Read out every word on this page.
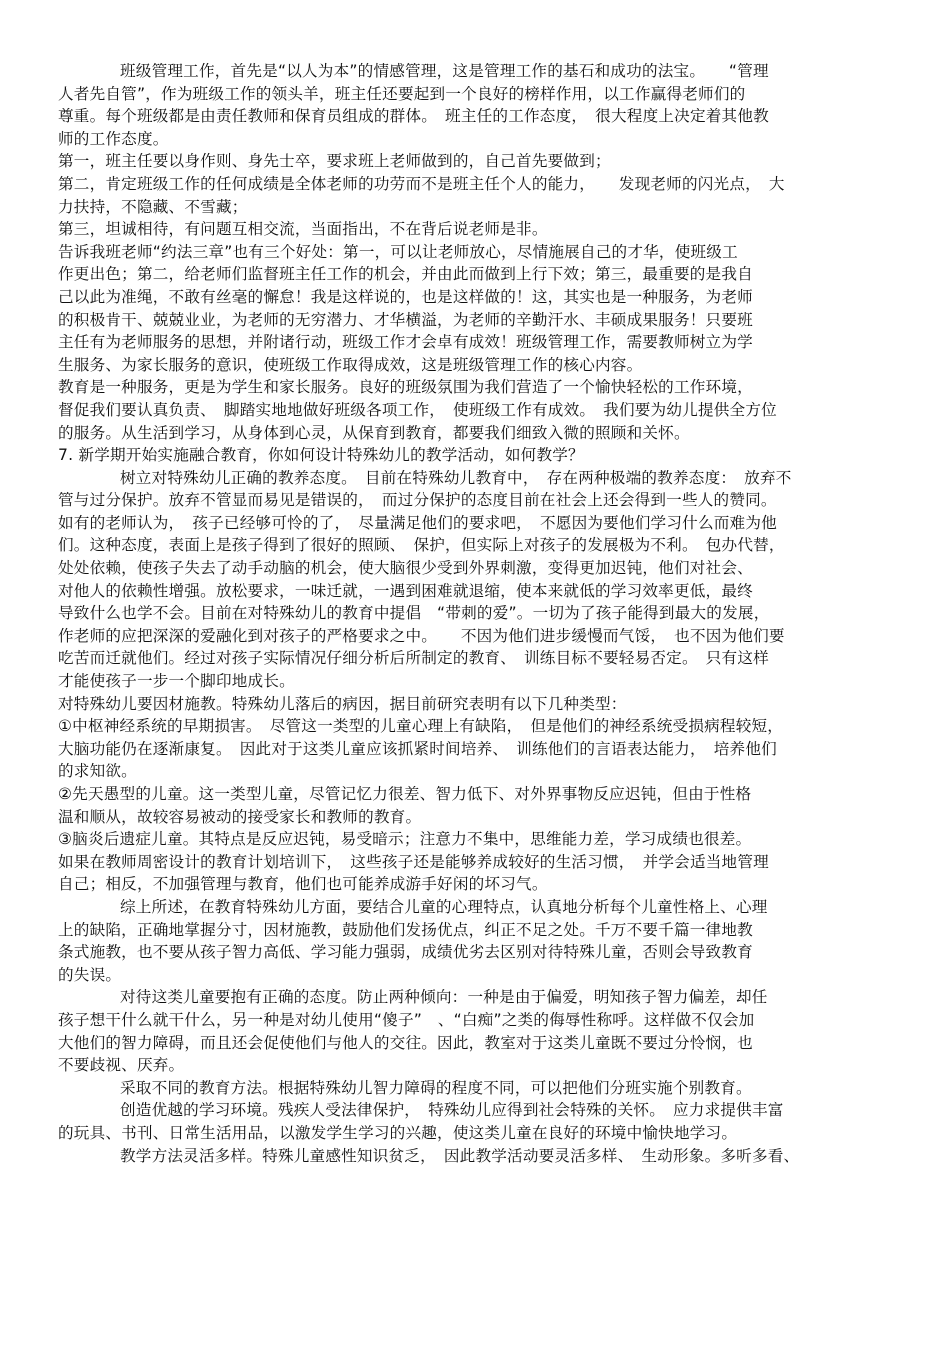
班级管理工作，首先是“以人为本”的情感管理，这是管理工作的基石和成功的法宝。　　“管理
人者先自管”，作为班级工作的领头羊，班主任还要起到一个良好的榜样作用，以工作赢得老师们的
尊重。每个班级都是由责任教师和保育员组成的群体。　班主任的工作态度，　很大程度上决定着其他教
师的工作态度。
第一，班主任要以身作则、身先士卒，要求班上老师做到的，自己首先要做到；
第二，肯定班级工作的任何成绩是全体老师的功劳而不是班主任个人的能力，　　发现老师的闪光点，　大
力扶持，不隐藏、不雪藏；
第三，坦诚相待，有问题互相交流，当面指出，不在背后说老师是非。
告诉我班老师“约法三章”也有三个好处：第一，可以让老师放心，尽情施展自己的才华，使班级工
作更出色；第二，给老师们监督班主任工作的机会，并由此而做到上行下效；第三，最重要的是我自
己以此为准绳，不敢有丝毫的懈怠！我是这样说的，也是这样做的！这，其实也是一种服务，为老师
的积极肯干、兢兢业业，为老师的无穷潜力、才华横溢，为老师的辛勤汗水、丰硕成果服务！只要班
主任有为老师服务的思想，并附诸行动，班级工作才会卓有成效！班级管理工作，需要教师树立为学
生服务、为家长服务的意识，使班级工作取得成效，这是班级管理工作的核心内容。
教育是一种服务，更是为学生和家长服务。良好的班级氛围为我们营造了一个愉快轻松的工作环境，
督促我们要认真负责、　脚踏实地地做好班级各项工作，　使班级工作有成效。　我们要为幼儿提供全方位
的服务。从生活到学习，从身体到心灵，从保育到教育，都要我们细致入微的照顾和关怀。
7. 新学期开始实施融合教育，你如何设计特殊幼儿的教学活动，如何教学？
树立对特殊幼儿正确的教养态度。　目前在特殊幼儿教育中，　存在两种极端的教养态度：　放弃不
管与过分保护。放弃不管显而易见是错误的，　而过分保护的态度目前在社会上还会得到一些人的赞同。
如有的老师认为，　孩子已经够可怜的了，　尽量满足他们的要求吧，　不愿因为要他们学习什么而难为他
们。这种态度，表面上是孩子得到了很好的照顾、　保护，但实际上对孩子的发展极为不利。　包办代替，
处处依赖，使孩子失去了动手动脑的机会，使大脑很少受到外界刺激，变得更加迟钝，他们对社会、
对他人的依赖性增强。放松要求，一味迁就，一遇到困难就退缩，使本来就低的学习效率更低，最终
导致什么也学不会。目前在对特殊幼儿的教育中提倡　“带刺的爱”。一切为了孩子能得到最大的发展，
作老师的应把深深的爱融化到对孩子的严格要求之中。　　不因为他们进步缓慢而气馁，　也不因为他们要
吃苦而迁就他们。经过对孩子实际情况仔细分析后所制定的教育、　训练目标不要轻易否定。　只有这样
才能使孩子一步一个脚印地成长。
对特殊幼儿要因材施教。特殊幼儿落后的病因，据目前研究表明有以下几种类型：
①中枢神经系统的早期损害。　尽管这一类型的儿童心理上有缺陷，　但是他们的神经系统受损病程较短，
大脑功能仍在逐渐康复。　因此对于这类儿童应该抓紧时间培养、　训练他们的言语表达能力，　培养他们
的求知欲。
②先天愚型的儿童。这一类型儿童，尽管记忆力很差、智力低下、对外界事物反应迟钝，但由于性格
温和顺从，故较容易被动的接受家长和教师的教育。
③脑炎后遗症儿童。其特点是反应迟钝，易受暗示；注意力不集中，思维能力差，学习成绩也很差。
如果在教师周密设计的教育计划培训下，　这些孩子还是能够养成较好的生活习惯，　并学会适当地管理
自己；相反，不加强管理与教育，他们也可能养成游手好闲的坏习气。
综上所述，在教育特殊幼儿方面，要结合儿童的心理特点，认真地分析每个儿童性格上、心理
上的缺陷，正确地掌握分寸，因材施教，鼓励他们发扬优点，纠正不足之处。千万不要千篇一律地教
条式施教，也不要从孩子智力高低、学习能力强弱，成绩优劣去区别对待特殊儿童，否则会导致教育
的失误。
对待这类儿童要抱有正确的态度。防止两种倾向：一种是由于偏爱，明知孩子智力偏差，却任
孩子想干什么就干什么，另一种是对幼儿使用“傻子”　、“白痴”之类的侮辱性称呼。这样做不仅会加
大他们的智力障碍，而且还会促使他们与他人的交往。因此，教室对于这类儿童既不要过分怜悯，也
不要歧视、厌弃。
采取不同的教育方法。根据特殊幼儿智力障碍的程度不同，可以把他们分班实施个别教育。
创造优越的学习环境。残疾人受法律保护，　特殊幼儿应得到社会特殊的关怀。　应力求提供丰富
的玩具、书刊、日常生活用品，以激发学生学习的兴趣，使这类儿童在良好的环境中愉快地学习。
教学方法灵活多样。特殊儿童感性知识贫乏，　因此教学活动要灵活多样、　生动形象。多听多看、
